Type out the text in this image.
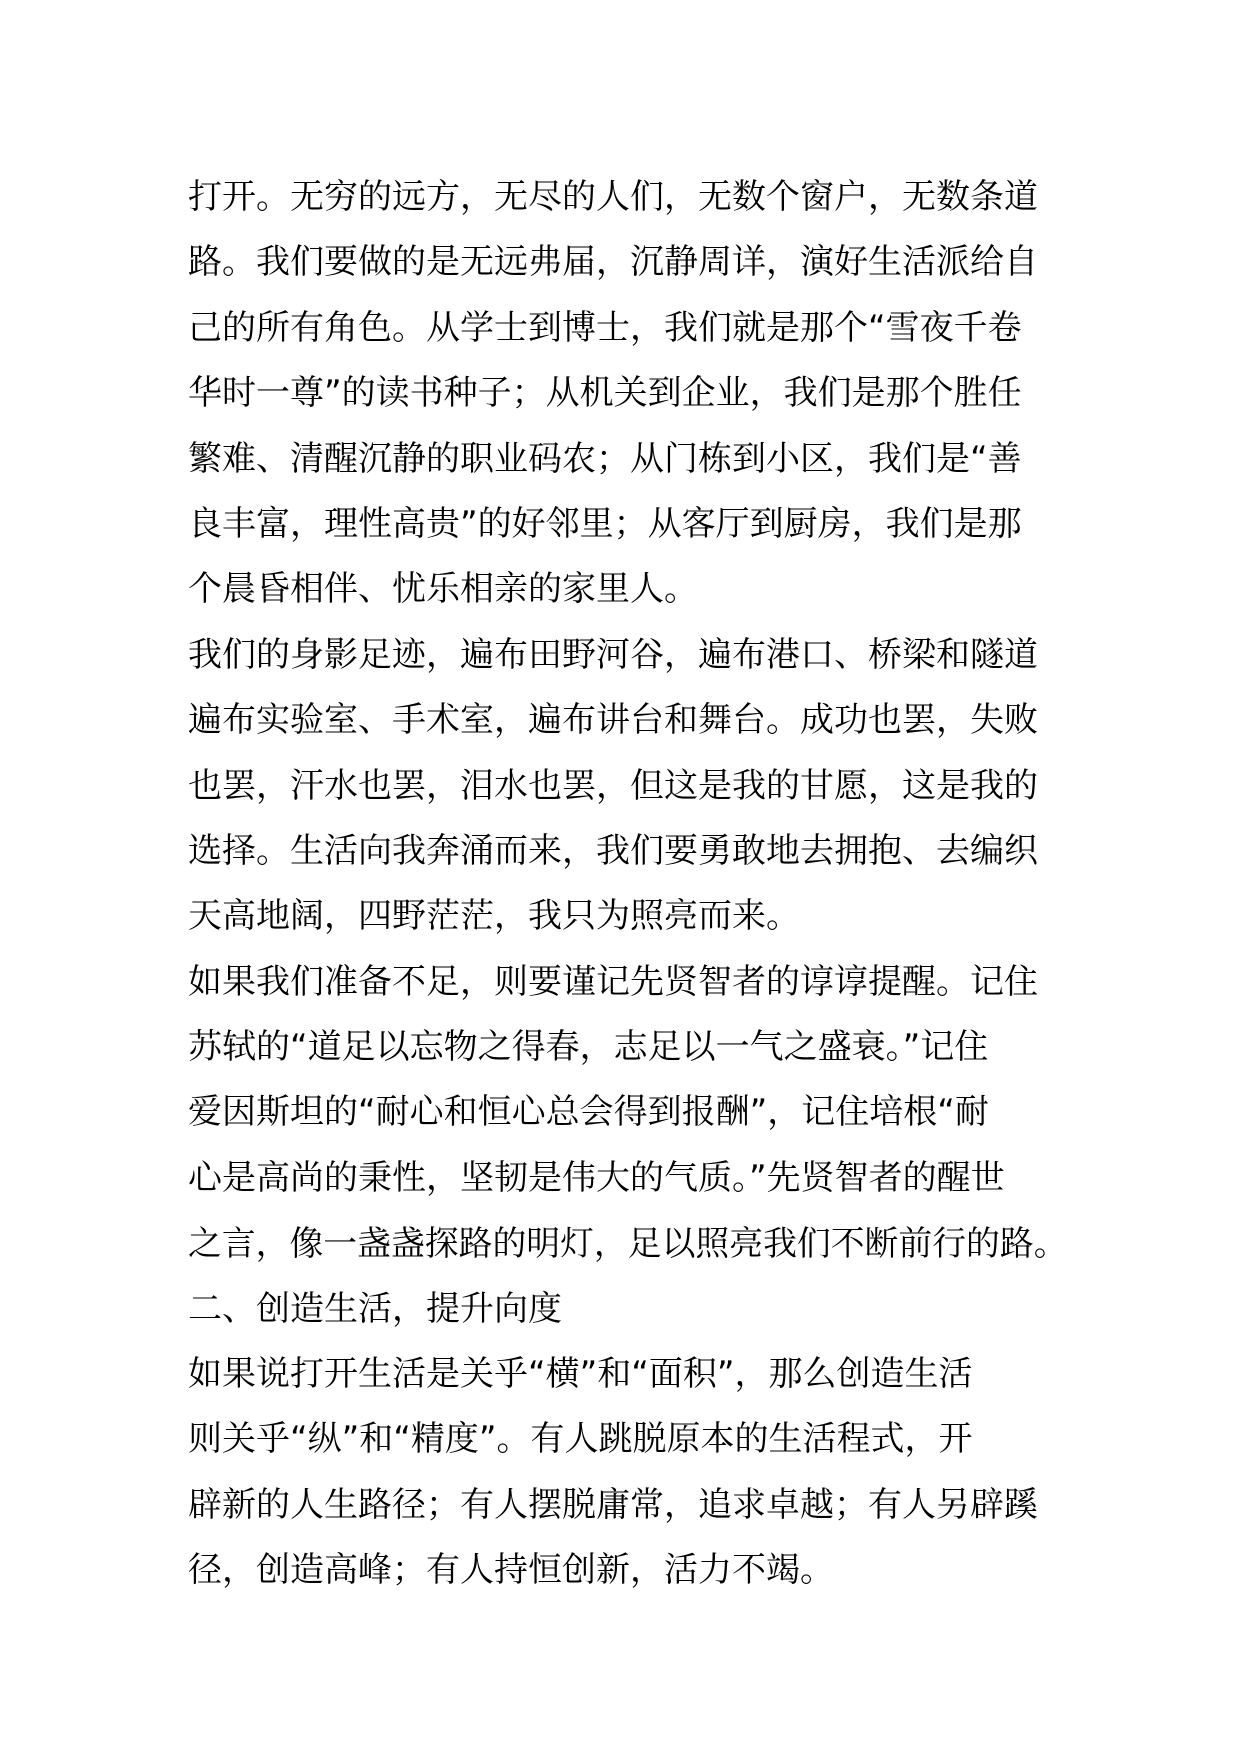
打开。无穷的远方，无尽的人们，无数个窗户，无数条道
路。我们要做的是无远弗届，沉静周详，演好生活派给自
己的所有角色。从学士到博士，我们就是那个“雪夜千卷
华时一尊”的读书种子；从机关到企业，我们是那个胜任
繁难、清醒沉静的职业码农；从门栋到小区，我们是“善
良丰富，理性高贵”的好邻里；从客厅到厨房，我们是那
个晨昏相伴、忧乐相亲的家里人。
我们的身影足迹，遍布田野河谷，遍布港口、桥梁和隧道
遍布实验室、手术室，遍布讲台和舞台。成功也罢，失败
也罢，汗水也罢，泪水也罢，但这是我的甘愿，这是我的
选择。生活向我奔涌而来，我们要勇敢地去拥抱、去编织
天高地阔，四野茫茫，我只为照亮而来。
如果我们准备不足，则要谨记先贤智者的谆谆提醒。记住
苏轼的“道足以忘物之得春，志足以一气之盛衰。”记住
爱因斯坦的“耐心和恒心总会得到报酬”，记住培根“耐
心是高尚的秉性，坚韧是伟大的气质。”先贤智者的醒世
之言，像一盏盏探路的明灯，足以照亮我们不断前行的路。
二、创造生活，提升向度
如果说打开生活是关乎“横”和“面积”，那么创造生活
则关乎“纵”和“精度”。有人跳脱原本的生活程式，开
辟新的人生路径；有人摆脱庸常，追求卓越；有人另辟蹊
径，创造高峰；有人持恒创新，活力不竭。
